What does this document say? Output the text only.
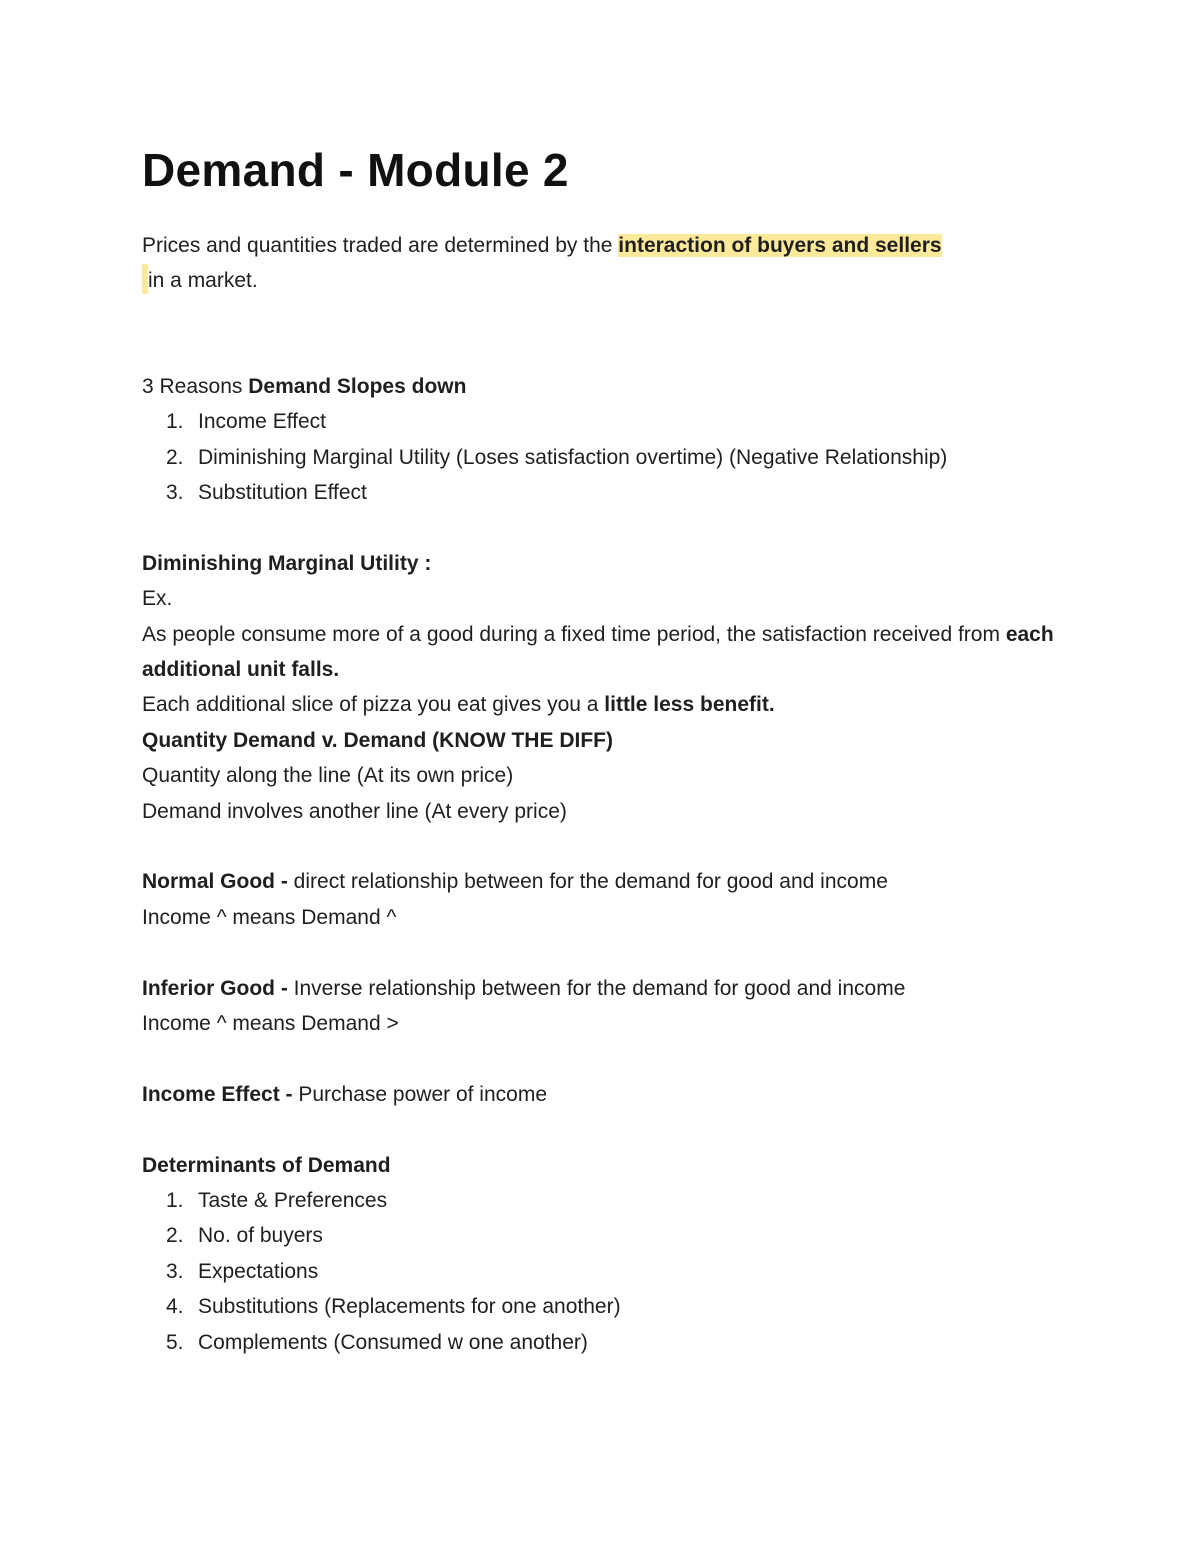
Demand - Module 2

Prices and quantities traded are determined by the interaction of buyers and sellers
in a market.

3 Reasons Demand Slopes down

1. Income Effect
2. Diminishing Marginal Utility (Loses satisfaction overtime) (Negative Relationship)
3. Substitution Effect

Diminishing Marginal Utility :

Ex.

As people consume more of a good during a fixed time period, the satisfaction received from each additional unit falls.

Each additional slice of pizza you eat gives you a little less benefit.

Quantity Demand v. Demand (KNOW THE DIFF)

Quantity along the line (At its own price)

Demand involves another line (At every price)

Normal Good - direct relationship between for the demand for good and income

Income ^ means Demand ^

Inferior Good - Inverse relationship between for the demand for good and income

Income ^ means Demand >

Income Effect - Purchase power of income

Determinants of Demand

1. Taste & Preferences
2. No. of buyers
3. Expectations
4. Substitutions (Replacements for one another)
5. Complements (Consumed w one another)
